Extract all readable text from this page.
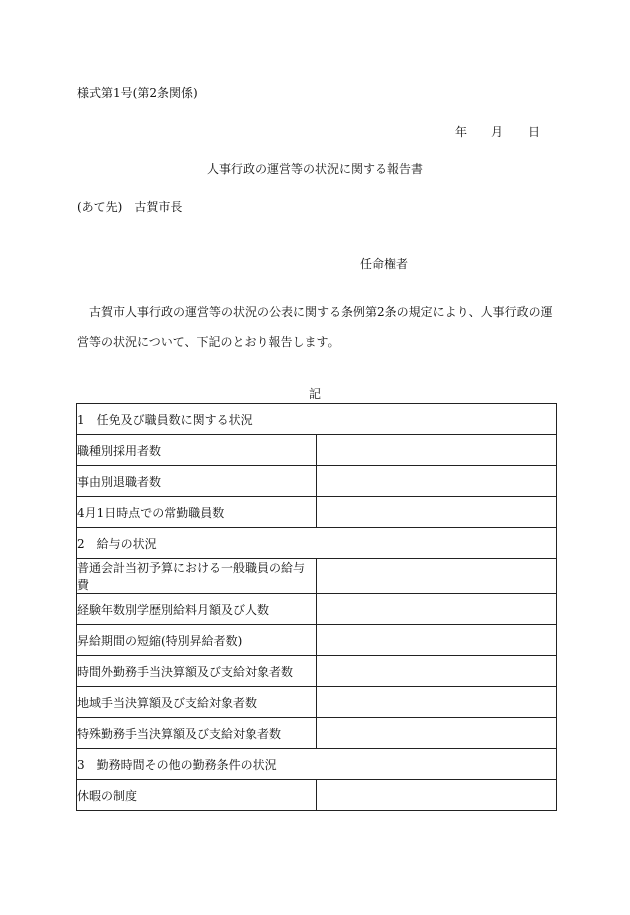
様式第1号(第2条関係)
年 月 日
人事行政の運営等の状況に関する報告書
(あて先)　古賀市長
任命権者
古賀市人事行政の運営等の状況の公表に関する条例第2条の規定により、人事行政の運営等の状況について、下記のとおり報告します。
記
1　任免及び職員数に関する状況	
職種別採用者数	
事由別退職者数	
4月1日時点での常勤職員数	
2　給与の状況	
普通会計当初予算における一般職員の給与費	
経験年数別学歴別給料月額及び人数	
昇給期間の短縮(特別昇給者数)	
時間外勤務手当決算額及び支給対象者数	
地域手当決算額及び支給対象者数	
特殊勤務手当決算額及び支給対象者数	
3　勤務時間その他の勤務条件の状況	
休暇の制度	
